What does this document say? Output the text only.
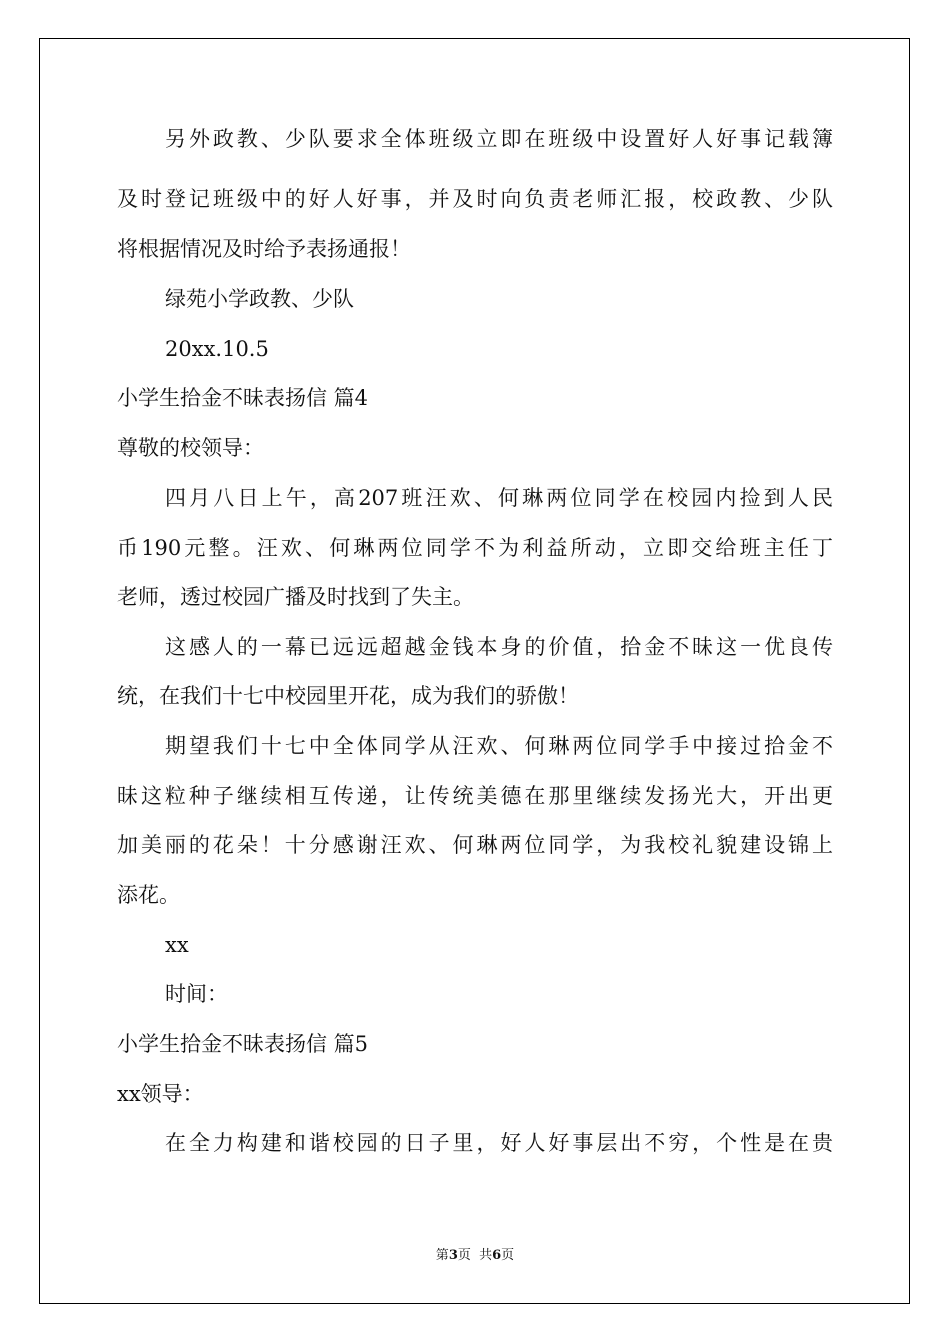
另外政教、少队要求全体班级立即在班级中设置好人好事记载簿
及时登记班级中的好人好事，并及时向负责老师汇报，校政教、少队
将根据情况及时给予表扬通报！
绿苑小学政教、少队
20xx.10.5
小学生拾金不昧表扬信 篇4
尊敬的校领导：
四月八日上午，高207班汪欢、何琳两位同学在校园内捡到人民
币190元整。汪欢、何琳两位同学不为利益所动，立即交给班主任丁
老师，透过校园广播及时找到了失主。
这感人的一幕已远远超越金钱本身的价值，拾金不昧这一优良传
统，在我们十七中校园里开花，成为我们的骄傲！
期望我们十七中全体同学从汪欢、何琳两位同学手中接过拾金不
昧这粒种子继续相互传递，让传统美德在那里继续发扬光大，开出更
加美丽的花朵！十分感谢汪欢、何琳两位同学，为我校礼貌建设锦上
添花。
xx
时间：
小学生拾金不昧表扬信 篇5
xx领导：
在全力构建和谐校园的日子里，好人好事层出不穷，个性是在贵
第3页  共6页
